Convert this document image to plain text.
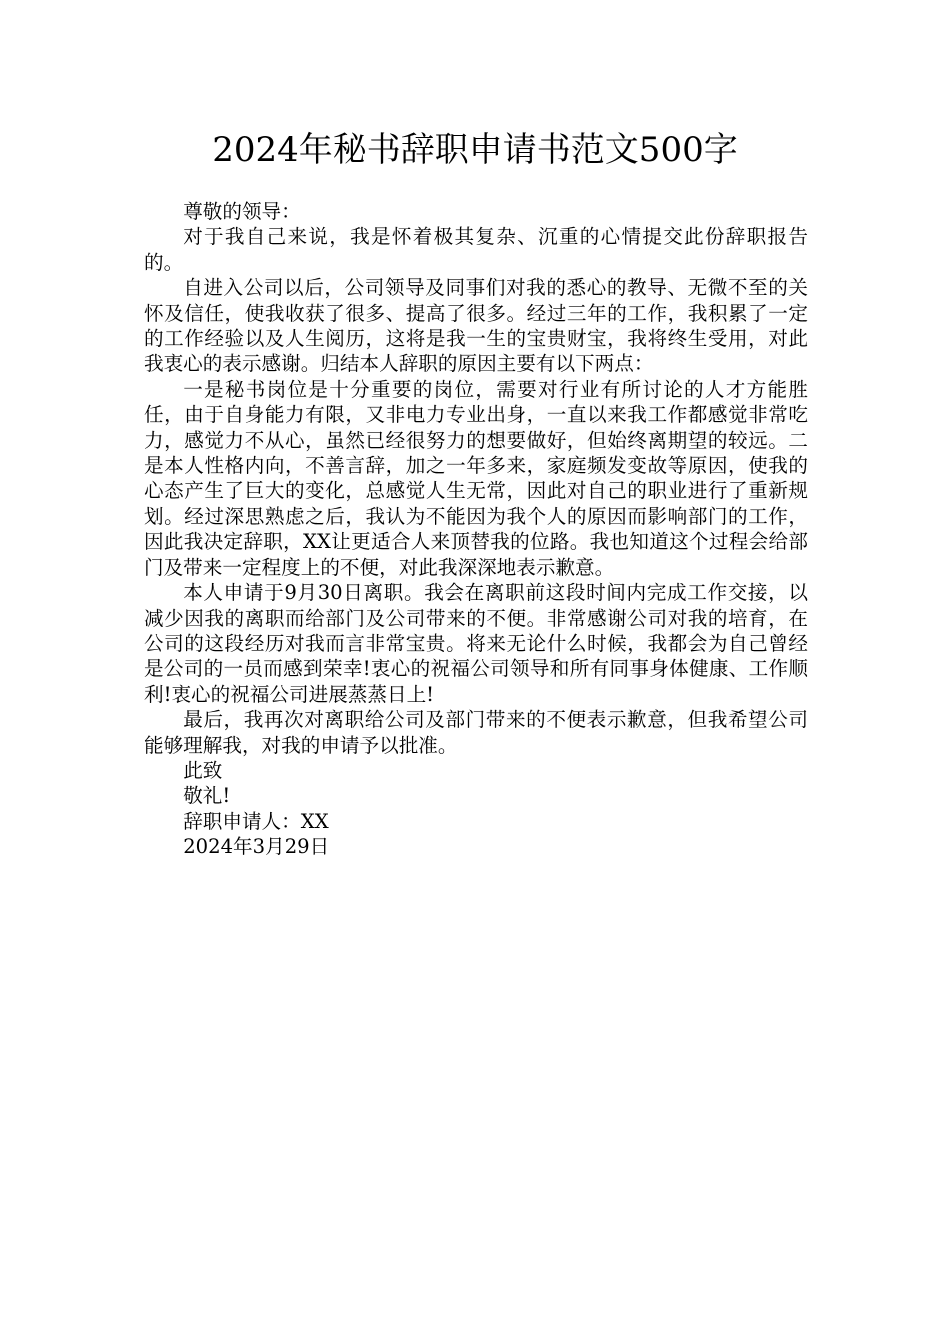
2024年秘书辞职申请书范文500字

尊敬的领导：

对于我自己来说，我是怀着极其复杂、沉重的心情提交此份辞职报告的。

自进入公司以后，公司领导及同事们对我的悉心的教导、无微不至的关怀及信任，使我收获了很多、提高了很多。经过三年的工作，我积累了一定的工作经验以及人生阅历，这将是我一生的宝贵财宝，我将终生受用，对此我衷心的表示感谢。归结本人辞职的原因主要有以下两点：

一是秘书岗位是十分重要的岗位，需要对行业有所讨论的人才方能胜任，由于自身能力有限，又非电力专业出身，一直以来我工作都感觉非常吃力，感觉力不从心，虽然已经很努力的想要做好，但始终离期望的较远。二是本人性格内向，不善言辞，加之一年多来，家庭频发变故等原因，使我的心态产生了巨大的变化，总感觉人生无常，因此对自己的职业进行了重新规划。经过深思熟虑之后，我认为不能因为我个人的原因而影响部门的工作，因此我决定辞职，XX让更适合人来顶替我的位路。我也知道这个过程会给部门及带来一定程度上的不便，对此我深深地表示歉意。

本人申请于9月30日离职。我会在离职前这段时间内完成工作交接，以减少因我的离职而给部门及公司带来的不便。非常感谢公司对我的培育，在公司的这段经历对我而言非常宝贵。将来无论什么时候，我都会为自己曾经是公司的一员而感到荣幸!衷心的祝福公司领导和所有同事身体健康、工作顺利!衷心的祝福公司进展蒸蒸日上!

最后，我再次对离职给公司及部门带来的不便表示歉意，但我希望公司能够理解我，对我的申请予以批准。

此致

敬礼!

辞职申请人：XX

2024年3月29日
